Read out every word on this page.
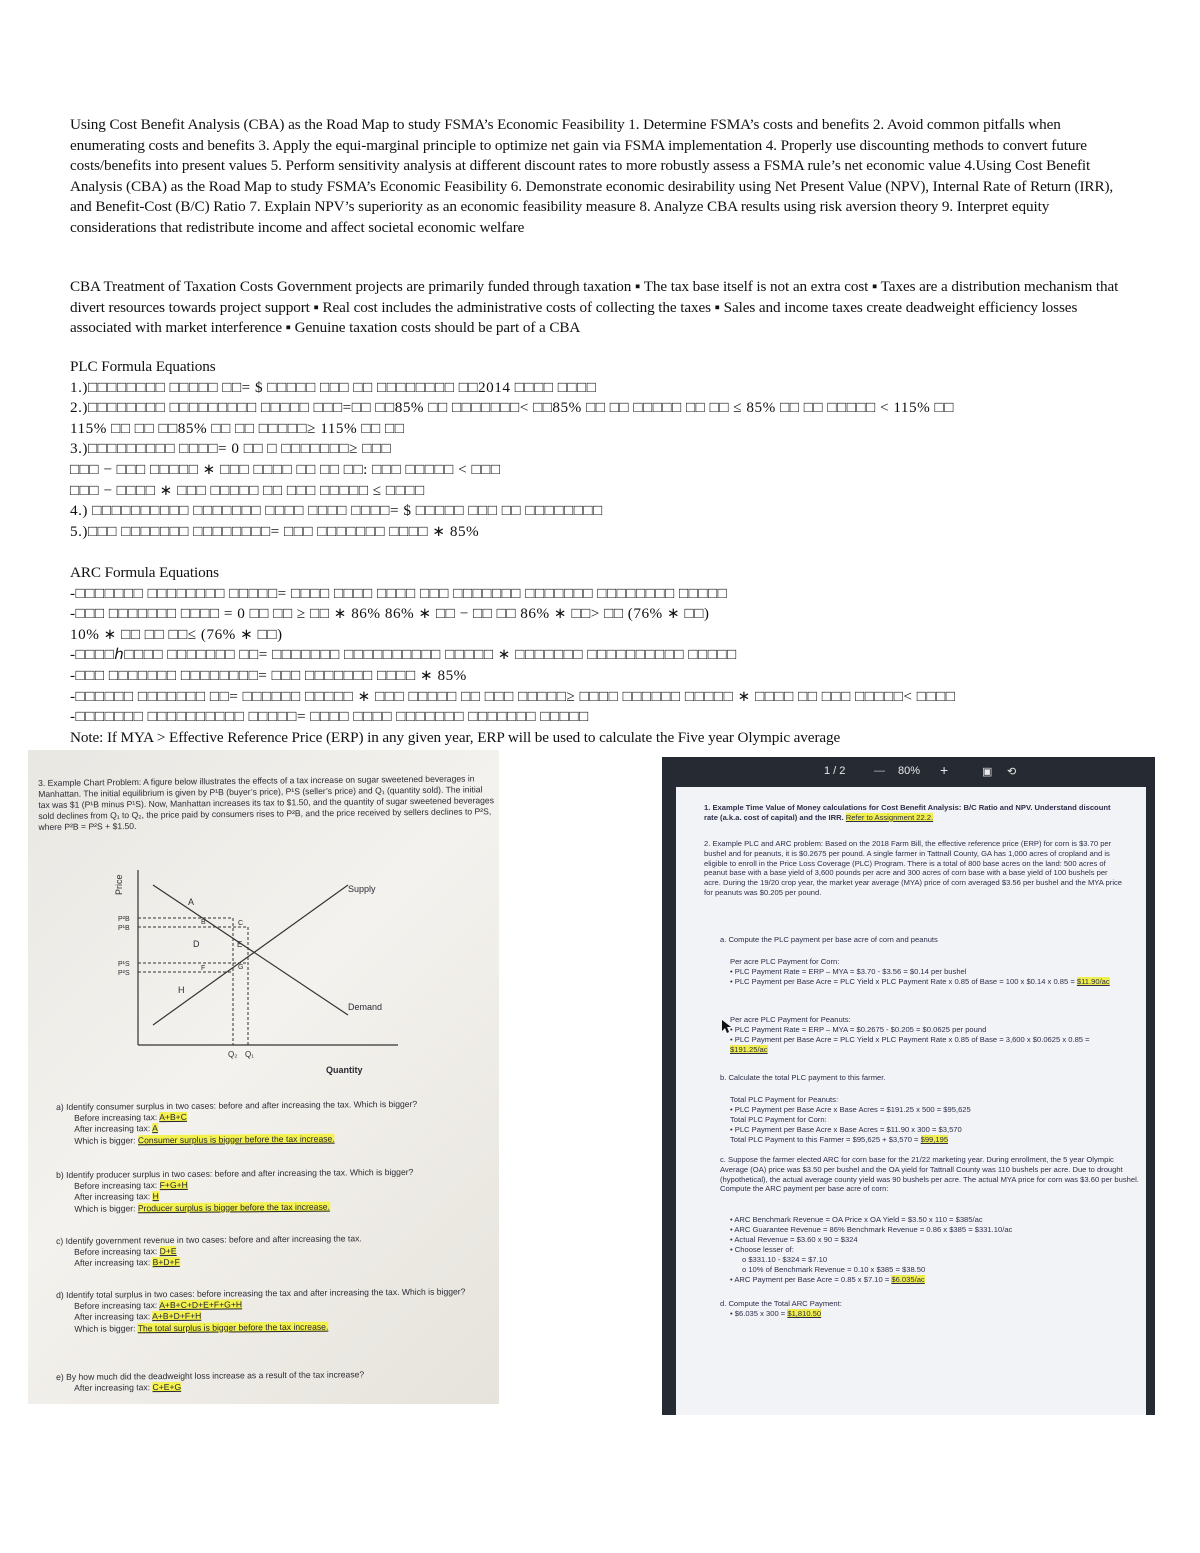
Using Cost Benefit Analysis (CBA) as the Road Map to study FSMA’s Economic Feasibility 1. Determine FSMA’s costs and benefits 2. Avoid common pitfalls when enumerating costs and benefits 3. Apply the equi-marginal principle to optimize net gain via FSMA implementation 4. Properly use discounting methods to convert future costs/benefits into present values 5. Perform sensitivity analysis at different discount rates to more robustly assess a FSMA rule’s net economic value 4.Using Cost Benefit Analysis (CBA) as the Road Map to study FSMA’s Economic Feasibility 6. Demonstrate economic desirability using Net Present Value (NPV), Internal Rate of Return (IRR), and Benefit-Cost (B/C) Ratio 7. Explain NPV’s superiority as an economic feasibility measure 8. Analyze CBA results using risk aversion theory 9. Interpret equity considerations that redistribute income and affect societal economic welfare
CBA Treatment of Taxation Costs Government projects are primarily funded through taxation ▪ The tax base itself is not an extra cost ▪ Taxes are a distribution mechanism that divert resources towards project support ▪ Real cost includes the administrative costs of collecting the taxes ▪ Sales and income taxes create deadweight efficiency losses associated with market interference ▪ Genuine taxation costs should be part of a CBA
PLC Formula Equations
1.)□□□□□□□□ □□□□□ □□= $ □□□□□ □□□ □□ □□□□□□□□ □□2014 □□□□ □□□□
2.)□□□□□□□□ □□□□□□□□□ □□□□□ □□□=□□ □□85% □□ □□□□□□□< □□85% □□ □□ □□□□□ □□ □□ ≤ 85% □□ □□ □□□□□ < 115% □□
115% □□ □□ □□85% □□ □□ □□□□□≥ 115% □□ □□
3.)□□□□□□□□□ □□□□= 0 □□ □ □□□□□□□≥ □□□
□□□ − □□□ □□□□□ ∗ □□□ □□□□ □□ □□ □□: □□□ □□□□□ < □□□
□□□ − □□□□ ∗ □□□ □□□□□ □□ □□□ □□□□□ ≤ □□□□
4.) □□□□□□□□□□ □□□□□□□ □□□□ □□□□ □□□□= $ □□□□□ □□□ □□ □□□□□□□□
5.)□□□ □□□□□□□ □□□□□□□□= □□□ □□□□□□□ □□□□ ∗ 85%
ARC Formula Equations
-□□□□□□□ □□□□□□□□ □□□□□= □□□□ □□□□ □□□□ □□□ □□□□□□□ □□□□□□□ □□□□□□□□ □□□□□
-□□□ □□□□□□□ □□□□ = 0 □□ □□ ≥ □□ ∗ 86% 86% ∗ □□ − □□ □□ 86% ∗ □□> □□ (76% ∗ □□)
10% ∗ □□ □□ □□≤ (76% ∗ □□)
-□□□□ℎ□□□□ □□□□□□□ □□= □□□□□□□ □□□□□□□□□□ □□□□□ ∗ □□□□□□□ □□□□□□□□□□ □□□□□
-□□□ □□□□□□□ □□□□□□□□= □□□ □□□□□□□ □□□□ ∗ 85%
-□□□□□□ □□□□□□□ □□= □□□□□□ □□□□□ ∗ □□□ □□□□□ □□ □□□ □□□□□≥ □□□□ □□□□□□ □□□□□ ∗ □□□□ □□ □□□ □□□□□< □□□□
-□□□□□□□ □□□□□□□□□□ □□□□□= □□□□ □□□□ □□□□□□□ □□□□□□□ □□□□□
Note: If MYA > Effective Reference Price (ERP) in any given year, ERP will be used to calculate the Five year Olympic average
3. Example Chart Problem: A figure below illustrates the effects of a tax increase on sugar sweetened beverages in Manhattan. The initial equilibrium is given by P¹B (buyer’s price), P¹S (seller’s price) and Q₁ (quantity sold). The initial tax was $1 (P¹B minus P¹S). Now, Manhattan increases its tax to $1.50, and the quantity of sugar sweetened beverages sold declines from Q₁ to Q₂, the price paid by consumers rises to P²B, and the price received by sellers declines to P²S, where P²B = P²S + $1.50.
Price
Quantity
Supply
Demand
P²B
P¹B
P¹S
P²S
Q₂ Q₁
A
B	C
D	E
F	G
H
a) Identify consumer surplus in two cases: before and after increasing the tax. Which is bigger?
Before increasing tax: A+B+C
After increasing tax: A
Which is bigger: Consumer surplus is bigger before the tax increase.
b) Identify producer surplus in two cases: before and after increasing the tax. Which is bigger?
Before increasing tax: F+G+H
After increasing tax: H
Which is bigger: Producer surplus is bigger before the tax increase.
c) Identify government revenue in two cases: before and after increasing the tax.
Before increasing tax: D+E
After increasing tax: B+D+F
d) Identify total surplus in two cases: before increasing the tax and after increasing the tax. Which is bigger?
Before increasing tax: A+B+C+D+E+F+G+H
After increasing tax: A+B+D+F+H
Which is bigger: The total surplus is bigger before the tax increase.
e) By how much did the deadweight loss increase as a result of the tax increase?
After increasing tax: C+E+G
1 / 2	— 80% +	▣ ⟲
1. Example Time Value of Money calculations for Cost Benefit Analysis: B/C Ratio and NPV. Understand discount rate (a.k.a. cost of capital) and the IRR. Refer to Assignment 22.2.
2. Example PLC and ARC problem: Based on the 2018 Farm Bill, the effective reference price (ERP) for corn is $3.70 per bushel and for peanuts, it is $0.2675 per pound. A single farmer in Tattnall County, GA has 1,000 acres of cropland and is eligible to enroll in the Price Loss Coverage (PLC) Program. There is a total of 800 base acres on the land: 500 acres of peanut base with a base yield of 3,600 pounds per acre and 300 acres of corn base with a base yield of 100 bushels per acre. During the 19/20 crop year, the market year average (MYA) price of corn averaged $3.56 per bushel and the MYA price for peanuts was $0.205 per pound.
a. Compute the PLC payment per base acre of corn and peanuts
Per acre PLC Payment for Corn:
• PLC Payment Rate = ERP – MYA = $3.70 - $3.56 = $0.14 per bushel
• PLC Payment per Base Acre = PLC Yield x PLC Payment Rate x 0.85 of Base = 100 x $0.14 x 0.85 = $11.90/ac
Per acre PLC Payment for Peanuts:
• PLC Payment Rate = ERP – MYA = $0.2675 - $0.205 = $0.0625 per pound
• PLC Payment per Base Acre = PLC Yield x PLC Payment Rate x 0.85 of Base = 3,600 x $0.0625 x 0.85 = $191.25/ac
b. Calculate the total PLC payment to this farmer.
Total PLC Payment for Peanuts:
• PLC Payment per Base Acre x Base Acres = $191.25 x 500 = $95,625
Total PLC Payment for Corn:
• PLC Payment per Base Acre x Base Acres = $11.90 x 300 = $3,570
Total PLC Payment to this Farmer = $95,625 + $3,570 = $99,195
c. Suppose the farmer elected ARC for corn base for the 21/22 marketing year. During enrollment, the 5 year Olympic Average (OA) price was $3.50 per bushel and the OA yield for Tattnall County was 110 bushels per acre. Due to drought (hypothetical), the actual average county yield was 90 bushels per acre. The actual MYA price for corn was $3.60 per bushel. Compute the ARC payment per base acre of corn:
• ARC Benchmark Revenue = OA Price x OA Yield = $3.50 x 110 = $385/ac
• ARC Guarantee Revenue = 86% Benchmark Revenue = 0.86 x $385 = $331.10/ac
• Actual Revenue = $3.60 x 90 = $324
• Choose lesser of:
o $331.10 - $324 = $7.10
o 10% of Benchmark Revenue = 0.10 x $385 = $38.50
• ARC Payment per Base Acre = 0.85 x $7.10 = $6.035/ac
d. Compute the Total ARC Payment:
• $6.035 x 300 = $1,810.50
